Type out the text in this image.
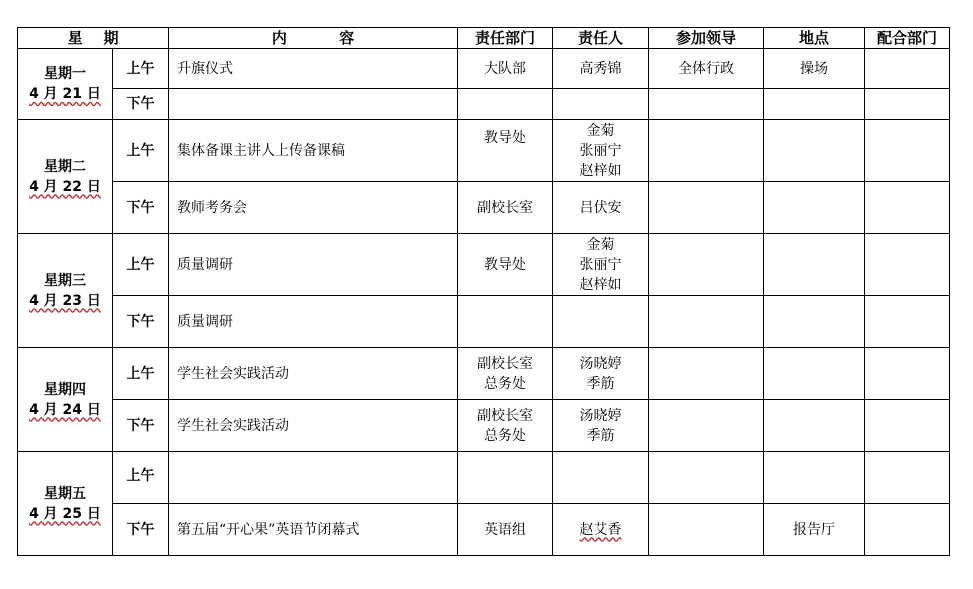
星    期		内          容	责任部门	责任人	参加领导	地点	配合部门

星期一
4 月 21 日	上午	升旗仪式	大队部	高秀锦	全体行政	操场	
	下午						

星期二
4 月 22 日	上午	集体备课主讲人上传备课稿	教导处	金菊
张丽宁
赵梓如			

	下午	教师考务会	副校长室	吕伏安			

星期三
4 月 23 日	上午	质量调研	教导处	金菊
张丽宁
赵梓如			

	下午	质量调研					

星期四
4 月 24 日	上午	学生社会实践活动	副校长室
总务处	汤晓婷
季筋			

	下午	学生社会实践活动	副校长室
总务处	汤晓婷
季筋			

星期五
4 月 25 日	上午						
	下午	第五届“开心果”英语节闭幕式	英语组	赵艾香		报告厅	
